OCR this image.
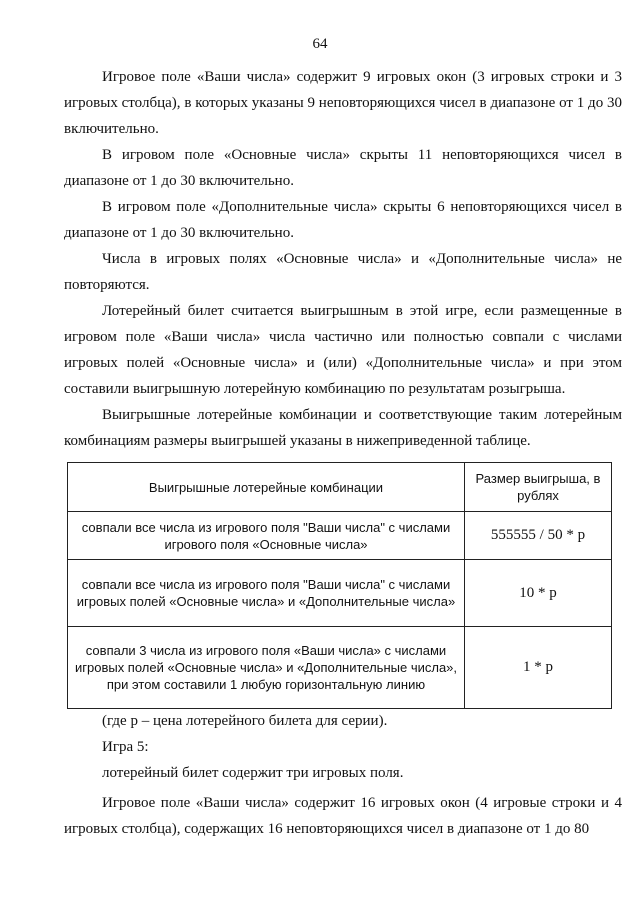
64

Игровое поле «Ваши числа» содержит 9 игровых окон (3 игровых строки и 3 игровых столбца), в которых указаны 9 неповторяющихся чисел в диапазоне от 1 до 30 включительно.

В игровом поле «Основные числа» скрыты 11 неповторяющихся чисел в диапазоне от 1 до 30 включительно.

В игровом поле «Дополнительные числа» скрыты 6 неповторяющихся чисел в диапазоне от 1 до 30 включительно.

Числа в игровых полях «Основные числа» и «Дополнительные числа» не повторяются.

Лотерейный билет считается выигрышным в этой игре, если размещенные в игровом поле «Ваши числа» числа частично или полностью совпали с числами игровых полей «Основные числа» и (или) «Дополнительные числа» и при этом составили выигрышную лотерейную комбинацию по результатам розыгрыша.

Выигрышные лотерейные комбинации и соответствующие таким лотерейным комбинациям размеры выигрышей указаны в нижеприведенной таблице.

Выигрышные лотерейные комбинации	Размер выигрыша, в рублях
совпали все числа из игрового поля "Ваши числа" с числами игрового поля «Основные числа»	555555 / 50 * р
совпали все числа из игрового поля "Ваши числа" с числами игровых полей «Основные числа» и «Дополнительные числа»	10 * р
совпали 3 числа из игрового поля «Ваши числа» с числами игровых полей «Основные числа» и «Дополнительные числа», при этом составили 1 любую горизонтальную линию	1 * р

(где р – цена лотерейного билета для серии).

Игра 5:

лотерейный билет содержит три игровых поля.

Игровое поле «Ваши числа» содержит 16 игровых окон (4 игровые строки и 4 игровых столбца), содержащих 16 неповторяющихся чисел в диапазоне от 1 до 80
